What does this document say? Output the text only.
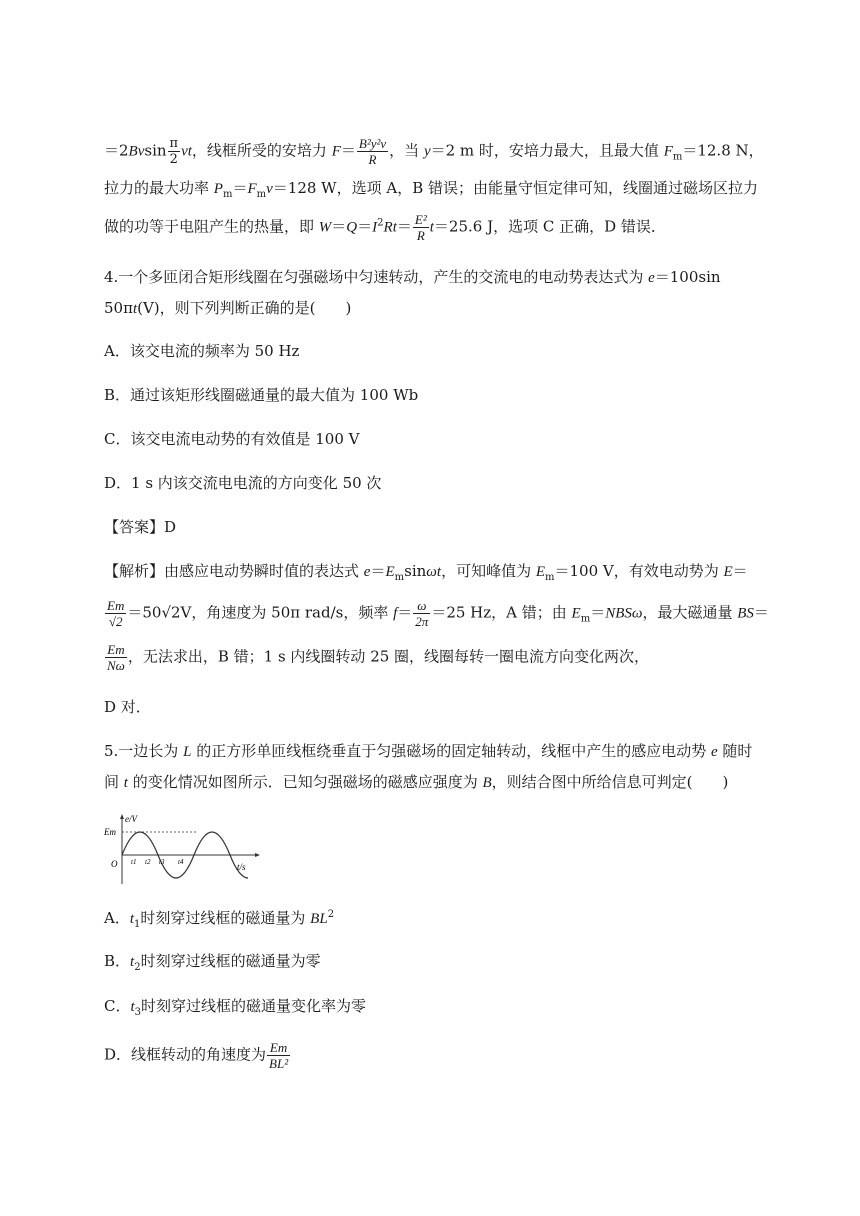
$=2Bvsin \frac{\pi}{2}$ vt，线框所受的安培力 $F= \frac{\text{B²y²v}}{R}$ ，当 y＝2 m 时，安培力最大，且最大值 $F_m=12.8$ N，
拉力的最大功率 $P_m=F_mv=128$ W，选项 A，B 错误；由能量守恒定律可知，线圈通过磁场区拉力
做的功等于电阻产生的热量，即 $W=Q=I^2Rt= \frac{\text{E²}}{R} t=25.6$ J，选项 C 正确，D 错误．
4.一个多匝闭合矩形线圈在匀强磁场中匀速转动，产生的交流电的电动势表达式为 e＝100sin
50πt(V)，则下列判断正确的是(　　)
A．该交电流的频率为 50 Hz
B．通过该矩形线圈磁通量的最大值为 100 Wb
C．该交电流电动势的有效值是 100 V
D．1 s 内该交流电电流的方向变化 50 次
【答案】D
【解析】由感应电动势瞬时值的表达式 $e=E_m\sin\omega t$，可知峰值为 $E_m=100$ V，有效电动势为 E＝
$\frac{Em}{√2} =50√2V$，角速度为 50π rad/s，频率 $f= \frac{\omega}{2\pi} =25$ Hz，A 错；由 $E_m=NBS\omega$，最大磁通量 BS＝
$\frac{Em}{N\omega}$ ，无法求出，B 错；1 s 内线圈转动 25 圈，线圈每转一圈电流方向变化两次，
D 对．
5.一边长为 L 的正方形单匝线框绕垂直于匀强磁场的固定轴转动，线框中产生的感应电动势 e 随时
间 t 的变化情况如图所示．已知匀强磁场的磁感应强度为 B，则结合图中所给信息可判定(　　)
Em
e/V
O	t/s
t1 t2 t3 t4
A．$t_1$时刻穿过线框的磁通量为 $BL^2$
B．$t_2$时刻穿过线框的磁通量为零
C．$t_3$时刻穿过线框的磁通量变化率为零
D．线框转动的角速度为 $\frac{Em}{\text{BL²}}$
